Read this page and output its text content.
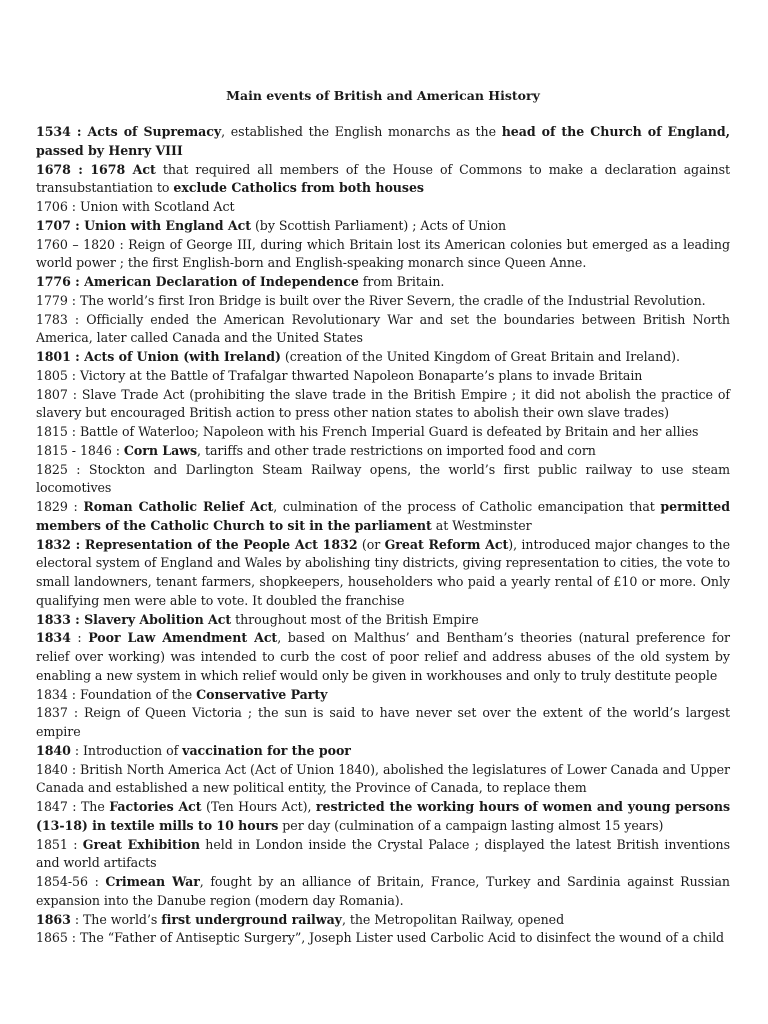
Main events of British and American History

1534 : Acts of Supremacy, established the English monarchs as the head of the Church of England, passed by Henry VIII

1678 : 1678 Act that required all members of the House of Commons to make a declaration against transubstantiation to exclude Catholics from both houses

1706 : Union with Scotland Act

1707 : Union with England Act (by Scottish Parliament) ; Acts of Union

1760 – 1820 : Reign of George III, during which Britain lost its American colonies but emerged as a leading world power ; the first English-born and English-speaking monarch since Queen Anne.

1776 : American Declaration of Independence from Britain.

1779 : The world’s first Iron Bridge is built over the River Severn, the cradle of the Industrial Revolution.

1783 : Officially ended the American Revolutionary War and set the boundaries between British North America, later called Canada and the United States

1801 : Acts of Union (with Ireland) (creation of the United Kingdom of Great Britain and Ireland).

1805 : Victory at the Battle of Trafalgar thwarted Napoleon Bonaparte’s plans to invade Britain

1807 : Slave Trade Act (prohibiting the slave trade in the British Empire ; it did not abolish the practice of slavery but encouraged British action to press other nation states to abolish their own slave trades)

1815 : Battle of Waterloo; Napoleon with his French Imperial Guard is defeated by Britain and her allies

1815 - 1846 : Corn Laws, tariffs and other trade restrictions on imported food and corn

1825 : Stockton and Darlington Steam Railway opens, the world’s first public railway to use steam locomotives

1829 : Roman Catholic Relief Act, culmination of the process of Catholic emancipation that permitted members of the Catholic Church to sit in the parliament at Westminster

1832 : Representation of the People Act 1832 (or Great Reform Act), introduced major changes to the electoral system of England and Wales by abolishing tiny districts, giving representation to cities, the vote to small landowners, tenant farmers, shopkeepers, householders who paid a yearly rental of £10 or more. Only qualifying men were able to vote. It doubled the franchise

1833 : Slavery Abolition Act throughout most of the British Empire

1834 : Poor Law Amendment Act, based on Malthus’ and Bentham’s theories (natural preference for relief over working) was intended to curb the cost of poor relief and address abuses of the old system by enabling a new system in which relief would only be given in workhouses and only to truly destitute people

1834 : Foundation of the Conservative Party

1837 : Reign of Queen Victoria ; the sun is said to have never set over the extent of the world’s largest empire

1840 : Introduction of vaccination for the poor

1840 : British North America Act (Act of Union 1840), abolished the legislatures of Lower Canada and Upper Canada and established a new political entity, the Province of Canada, to replace them

1847 : The Factories Act (Ten Hours Act), restricted the working hours of women and young persons (13-18) in textile mills to 10 hours per day (culmination of a campaign lasting almost 15 years)

1851 : Great Exhibition held in London inside the Crystal Palace ; displayed the latest British inventions and world artifacts

1854-56 : Crimean War, fought by an alliance of Britain, France, Turkey and Sardinia against Russian expansion into the Danube region (modern day Romania).

1863 : The world’s first underground railway, the Metropolitan Railway, opened

1865 : The “Father of Antiseptic Surgery”, Joseph Lister used Carbolic Acid to disinfect the wound of a child
